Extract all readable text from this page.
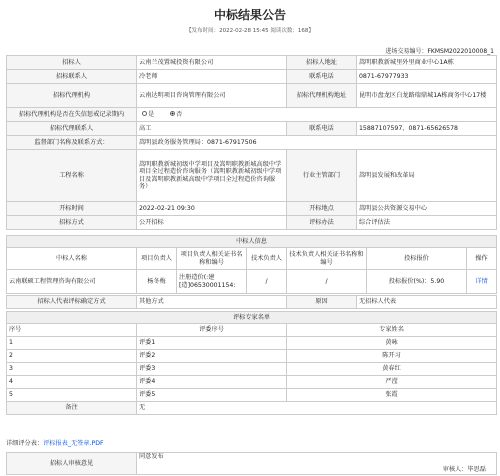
中标结果公告
【发布时间：2022-02-28 15:45 阅读次数：168】
进场交易编号：FKMSM2022010008_1
招标人	云南兰茂置城投资有限公司	招标人地址	嵩明职教新城里外里商业中心1A栋
招标联系人	冷老师	联系电话	0871-67977933
招标代理机构	云南达明项目咨询管理有限公司	招标代理机构地址	昆明市盘龙区白龙路瑞鼎城1A栋商务中心17楼
招标代理机构是否在失信惩戒记录期内	是 否		
招标代理联系人	高工	联系电话	15887107597、0871-65626578
监督部门名称及联系方式：	嵩明县政务服务管理局：0871-67917506		
工程名称	嵩明职教新城初级中学项目及嵩明职教新城高级中学项目全过程造价咨询服务（嵩明职教新城初级中学项目及嵩明职教新城高级中学项目全过程造价咨询服务）	行业主管部门	嵩明县发展和改革局
开标时间	2022-02-21 09:30	开标地点	嵩明县公共资源交易中心
招标方式	公开招标	评标办法	综合评估法
中标人信息						
中标人名称	项目负责人	项目负责人相关证书名称和编号	技术负责人	技术负责人相关证书名称和编号	投标报价	操作
云南联硕工程管理咨询有限公司	杨冬梅	注册造价(:建[造]06530001154:	/	/	投标报价(%)：5.90	详情
招标人代表评标确定方式	其他方式	原因	无招标人代表
评标专家名单		
序号	评委序号	专家姓名
1	评委1	黄咏
2	评委2	陈开习
3	评委3	黄春红
4	评委4	严滢
5	评委5	张霞
备注	无	
详细评分表：评标报表_无签章.PDF
招标人审核意见	同意发布
审核人：毕思磊
